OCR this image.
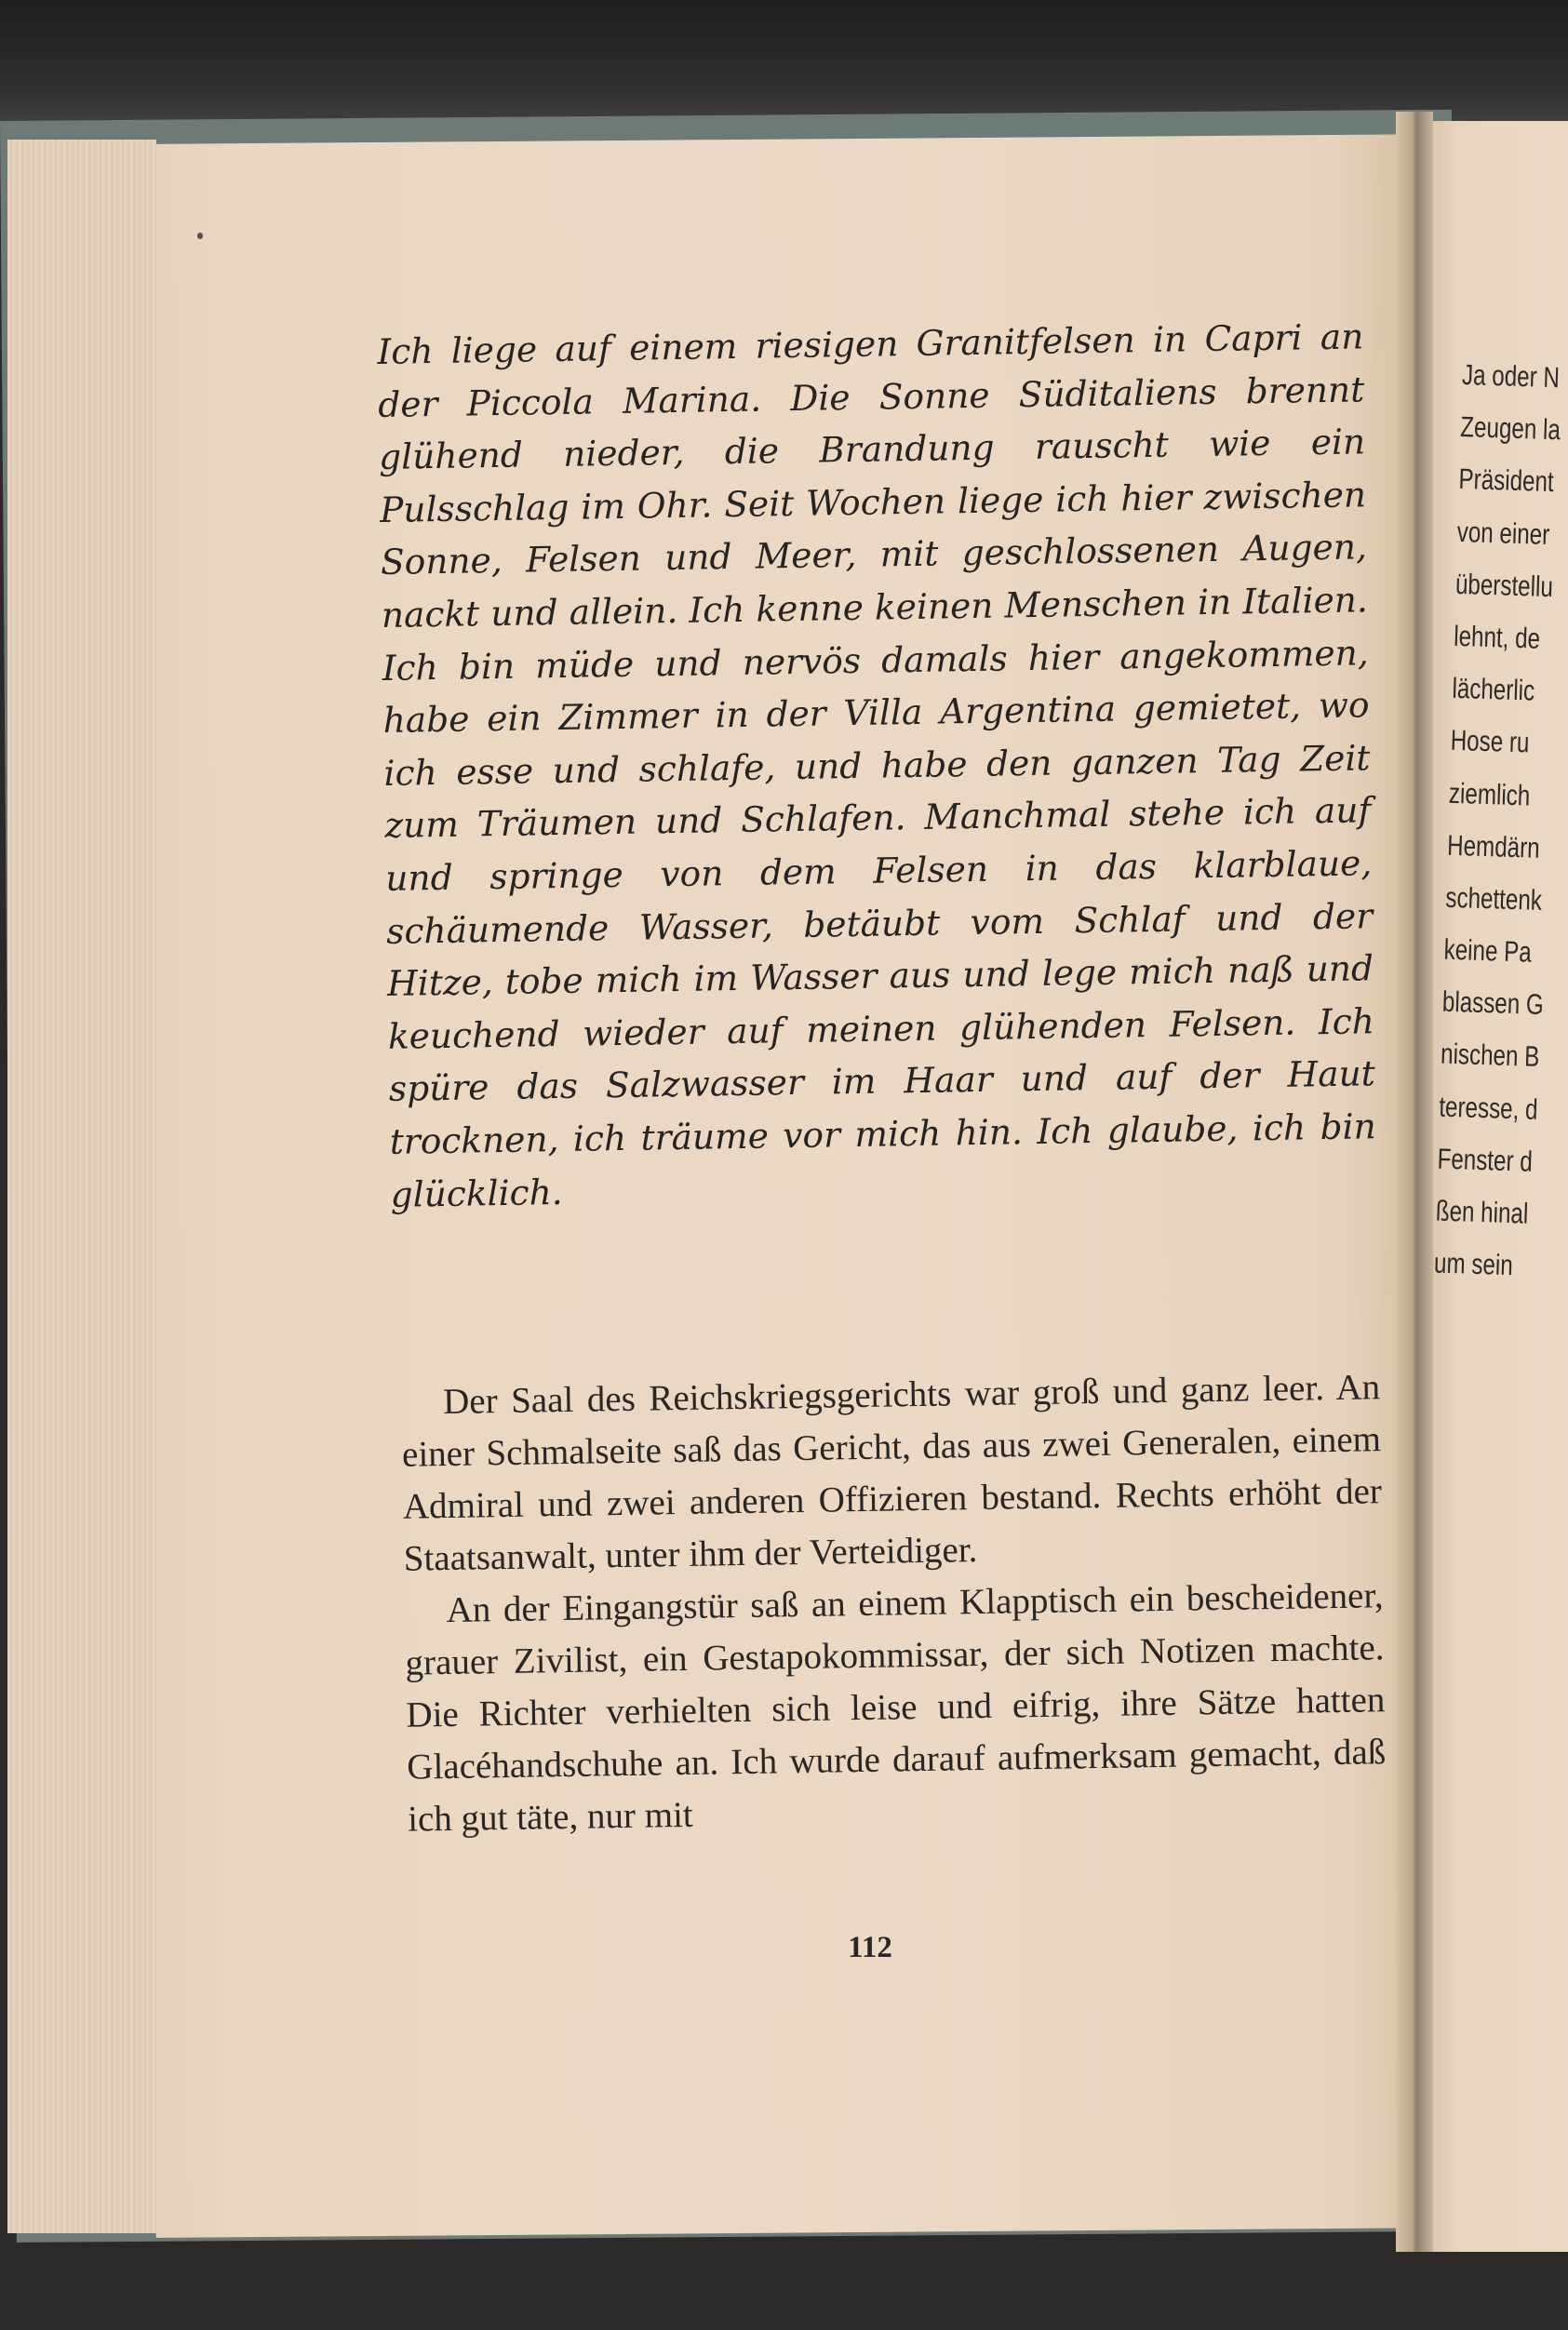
Ich liege auf einem riesigen Granitfelsen in Capri an der Piccola Marina. Die Sonne Süditaliens brennt glühend nieder, die Brandung rauscht wie ein Pulsschlag im Ohr. Seit Wochen liege ich hier zwischen Sonne, Felsen und Meer, mit geschlossenen Augen, nackt und allein. Ich kenne keinen Menschen in Italien. Ich bin müde und nervös damals hier angekommen, habe ein Zimmer in der Villa Argentina gemietet, wo ich esse und schlafe, und habe den ganzen Tag Zeit zum Träumen und Schlafen. Manchmal stehe ich auf und springe von dem Felsen in das klarblaue, schäumende Wasser, betäubt vom Schlaf und der Hitze, tobe mich im Wasser aus und lege mich naß und keuchend wieder auf meinen glühenden Felsen. Ich spüre das Salzwasser im Haar und auf der Haut trocknen, ich träume vor mich hin. Ich glaube, ich bin glücklich.

Der Saal des Reichskriegsgerichts war groß und ganz leer. An einer Schmalseite saß das Gericht, das aus zwei Generalen, einem Admiral und zwei anderen Offizieren bestand. Rechts erhöht der Staatsanwalt, unter ihm der Verteidiger.

An der Eingangstür saß an einem Klapptisch ein bescheidener, grauer Zivilist, ein Gestapokommissar, der sich Notizen machte. Die Richter verhielten sich leise und eifrig, ihre Sätze hatten Glacéhandschuhe an. Ich wurde darauf aufmerksam gemacht, daß ich gut täte, nur mit

112
Ja oder N
Zeugen la
Präsident
von einer
überstellu
lehnt, de
lächerlic
Hose ru
ziemlich
Hemdärn
schettenk
keine Pa
blassen G
nischen B
teresse, d
Fenster d
ßen hinal
um sein
